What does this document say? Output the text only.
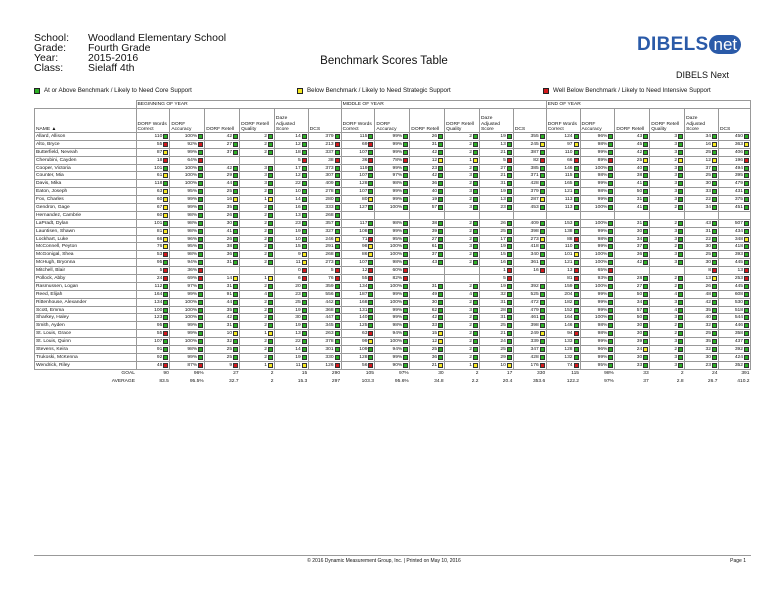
School:	Woodland Elementary School
Grade:	Fourth Grade
Year:	2015-2016
Class:	Sielaff 4th
Benchmark Scores Table
DIBELS net
DIBELS Next
At or Above Benchmark / Likely to Need Core Support	Below Benchmark / Likely to Need Strategic Support	Well Below Benchmark / Likely to Need Intensive Support
	BEGINNING OF YEAR						MIDDLE OF YEAR						END OF YEAR					
NAME ▲	DORF Words Correct	DORF Accuracy	DORF Retell	DORF Retell Quality	Daze Adjusted Score	DCS	DORF Words Correct	DORF Accuracy	DORF Retell	DORF Retell Quality	Daze Adjusted Score	DCS	DORF Words Correct	DORF Accuracy	DORF Retell	DORF Retell Quality	Daze Adjusted Score	DCS
Allard, Allison	110	100%	42	2	14	379	115	99%	26	2	19	355	124	96%	43	3	34	450

Alto, Bryce	55	92%	27	2	12	213	69	99%	31	2	13	245	97	98%	45	3	16	363

Butterfield, Neveah	87	99%	37	2	18	337	107	99%	42	2	21	387	110	99%	42	3	25	406

Cherubini, Cayden	18	64%			5	38	36	78%	12	1	5	82	66	89%	25	2	12	196

Cooper, Victoria	101	100%	42	3	17	373	119	99%	23	2	27	385	146	100%	40	3	37	494

Counter, Mia	61	100%	29	3	12	307	107	97%	42	3	21	371	115	98%	38	3	25	395

Davis, Mika	118	100%	44	3	22	409	128	98%	36	2	31	428	165	99%	41	3	30	479

Eaton, Joseph	63	95%	25	2	10	278	107	99%	40	3	19	379	121	98%	50	3	33	431

Fox, Charles	60	99%	16	1	14	280	80	99%	19	2	13	287	113	99%	31	3	22	375

Gendron, Gage	67	99%	35	2	16	333	127	100%	57	3	23	453	113	100%	41	2	34	451

Hernandez, Cambrie	60	98%	26	2	13	268												

LaPradt, Dylan	101	98%	30	2	23	357	117	98%	38	2	26	409	153	100%	31	2	43	507

Launtisen, Shawn	81	98%	41	2	19	327	108	99%	39	2	25	398	138	99%	30	3	31	434

Lockhart, Luke	66	96%	26	2	10	246	71	95%	27	2	17	273	88	98%	34	3	22	348

McConnell, Peyton	76	95%	38	2	15	291	98	100%	61	3	19	418	110	99%	37	2	30	418

McGonigal, Shea	53	98%	36	2	9	268	86	100%	37	2	15	340	101	100%	36	3	25	393

McHugh, Bryonna	95	94%	31	2	11	273	107	98%	43	2	16	361	121	100%	42	3	30	445

Mitchell, Blair	5	36%			0	5	12	60%			1	16	13	65%			8	13

Pollock, Abby	24	69%	14	1	6	76	55	82%			5		81	93%	28	2	13	253

Rasmussen, Logan	112	97%	31	2	20	359	134	100%	31	2	19	392	159	100%	27	2	26	445

Reed, Elijah	164	99%	91	4	23	556	187	99%	49	4	32	525	204	99%	50	4	48	608

Rittenhouse, Alexander	134	100%	44	2	25	442	168	100%	30	2	31	472	182	99%	34	3	42	530

Scott, Emma	100	100%	35	2	19	368	131	99%	62	3	28	479	152	99%	57	4	35	518

Sharkey, Haley	123	100%	42	2	30	447	140	99%	42	2	31	461	164	100%	50	3	40	544

Smith, Ayden	95	99%	31	2	19	345	125	98%	33	2	25	398	146	98%	30	2	32	446

St. Louis, Grace	55	99%	10	1	13	263	63	94%	15	2	21	249	94	98%	30	2	25	358

St. Louis, Quinn	107	100%	32	2	22	378	99	100%	12	2	24	339	133	99%	39	3	35	437

Stevens, Keira	91	98%	25	2	14	301	109	94%	25	2	25	347	128	96%	24	2	32	392

Trukoski, McKenna	92	99%	25	2	19	330	128	99%	36	2	29	428	132	99%	30	3	30	424

Wendrick, Riley	48	87%	9	1	11	126	56	90%	21	1	10	176	74	95%	33	3	23	352

GOAL	90	96%	27	2	15	290	105	97%	30	2	17	330	115	98%	33	2	24	391
AVERAGE	83.5	95.5%	32.7	2	15.3	297	103.3	95.6%	34.8	2.2	20.4	353.6	122.2	97%	37	2.8	26.7	410.2
© 2016 Dynamic Measurement Group, Inc. | Printed on May 10, 2016	Page 1
